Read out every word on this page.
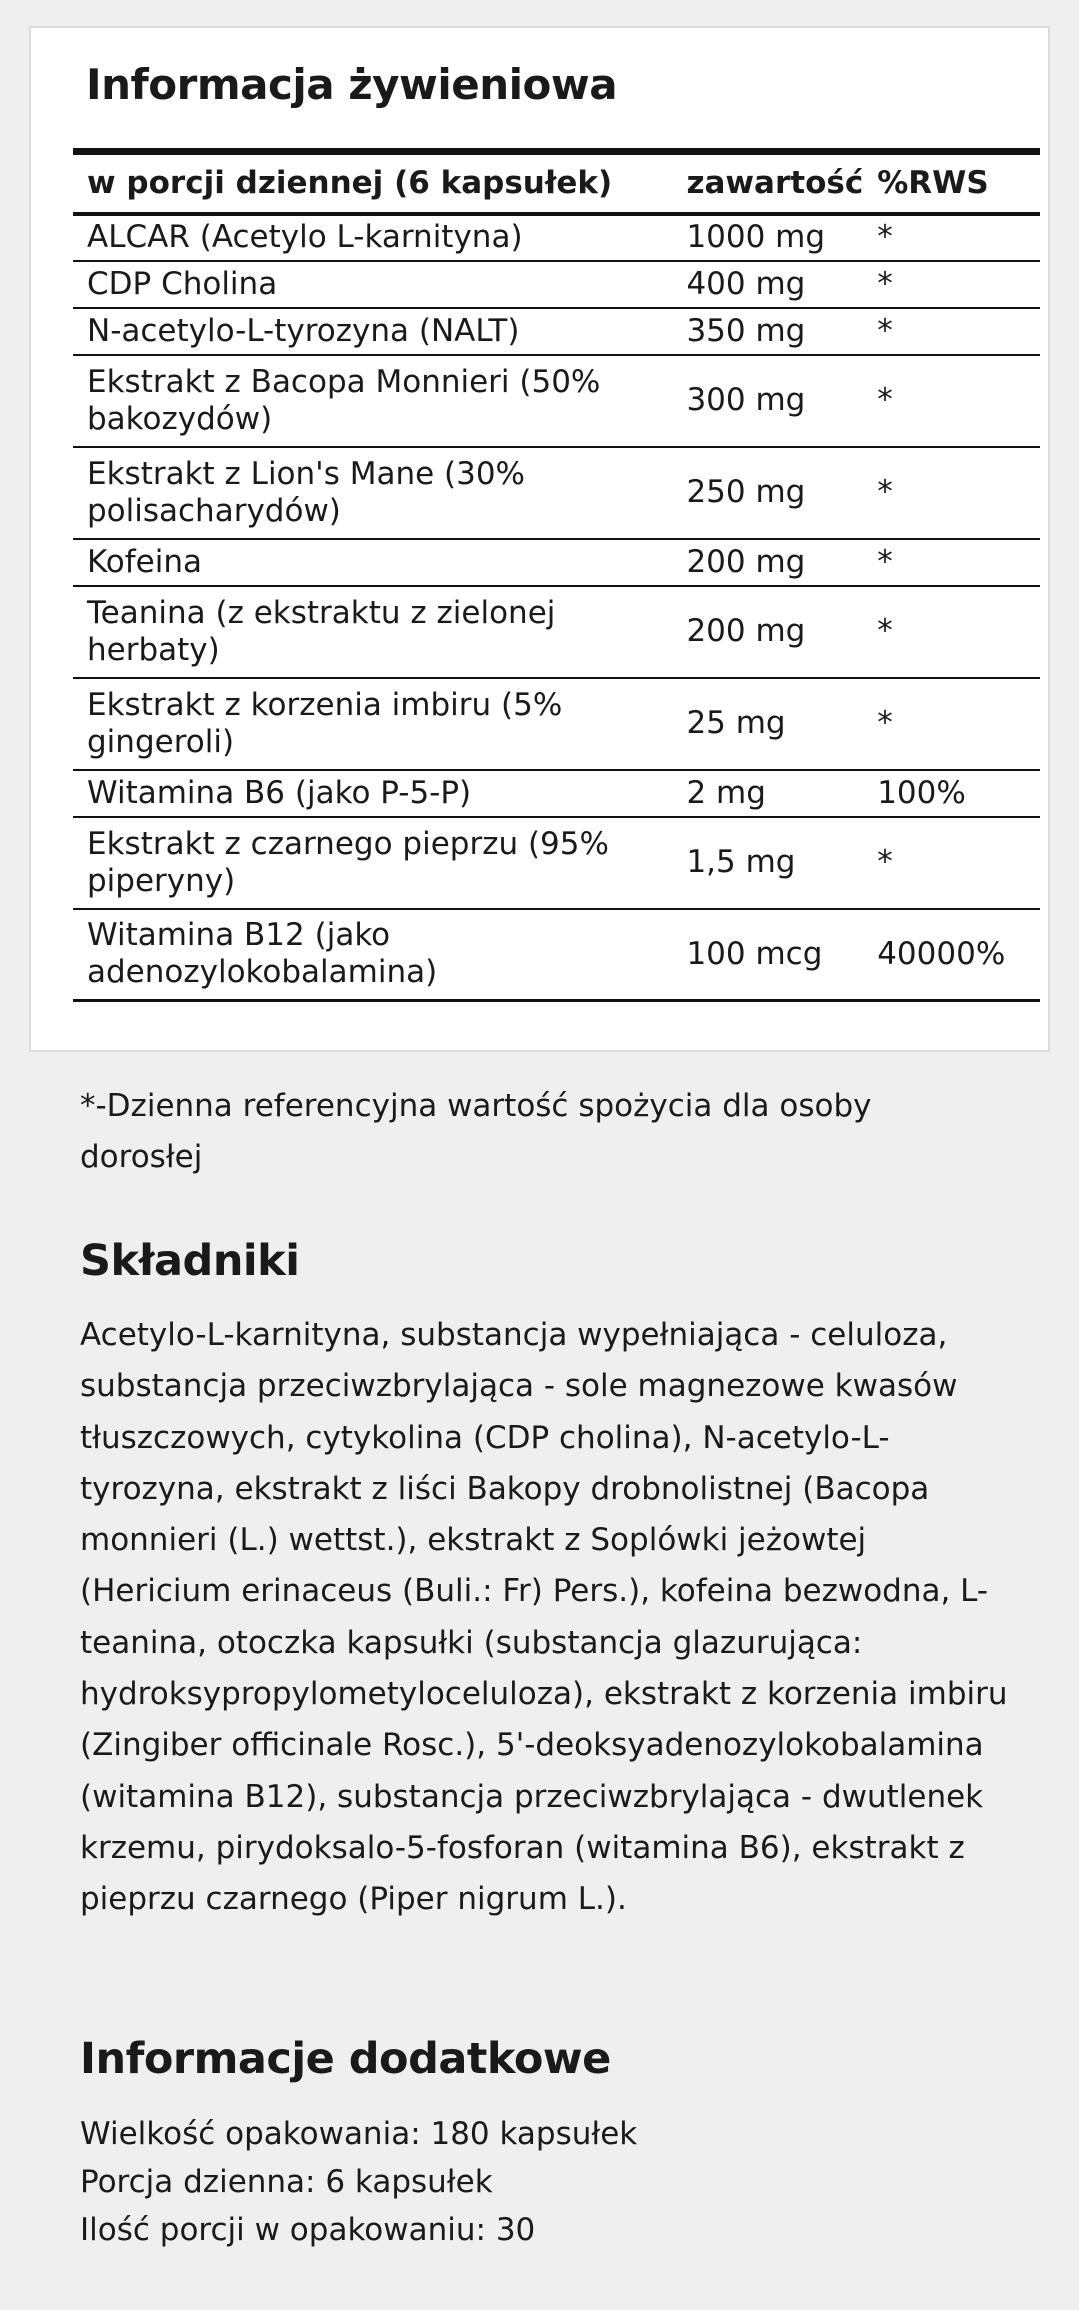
Informacja żywieniowa
w porcji dziennej (6 kapsułek)	zawartość	%RWS
ALCAR (Acetylo L-karnityna)	1000 mg	*
CDP Cholina	400 mg	*
N-acetylo-L-tyrozyna (NALT)	350 mg	*
Ekstrakt z Bacopa Monnieri (50% bakozydów)	300 mg	*
Ekstrakt z Lion's Mane (30% polisacharydów)	250 mg	*
Kofeina	200 mg	*
Teanina (z ekstraktu z zielonej herbaty)	200 mg	*
Ekstrakt z korzenia imbiru (5% gingeroli)	25 mg	*
Witamina B6 (jako P-5-P)	2 mg	100%
Ekstrakt z czarnego pieprzu (95% piperyny)	1,5 mg	*
Witamina B12 (jako adenozylokobalamina)	100 mcg	40000%

*-Dzienna referencyjna wartość spożycia dla osoby dorosłej

Składniki

Acetylo-L-karnityna, substancja wypełniająca - celuloza, substancja przeciwzbrylająca - sole magnezowe kwasów tłuszczowych, cytykolina (CDP cholina), N-acetylo-L-tyrozyna, ekstrakt z liści Bakopy drobnolistnej (Bacopa monnieri (L.) wettst.), ekstrakt z Soplówki jeżowtej (Hericium erinaceus (Buli.: Fr) Pers.), kofeina bezwodna, L-teanina, otoczka kapsułki (substancja glazurująca: hydroksypropylometyloceluloza), ekstrakt z korzenia imbiru (Zingiber officinale Rosc.), 5'-deoksyadenozylokobalamina (witamina B12), substancja przeciwzbrylająca - dwutlenek krzemu, pirydoksalo-5-fosforan (witamina B6), ekstrakt z pieprzu czarnego (Piper nigrum L.).

Informacje dodatkowe
Wielkość opakowania: 180 kapsułek
Porcja dzienna: 6 kapsułek
Ilość porcji w opakowaniu: 30
